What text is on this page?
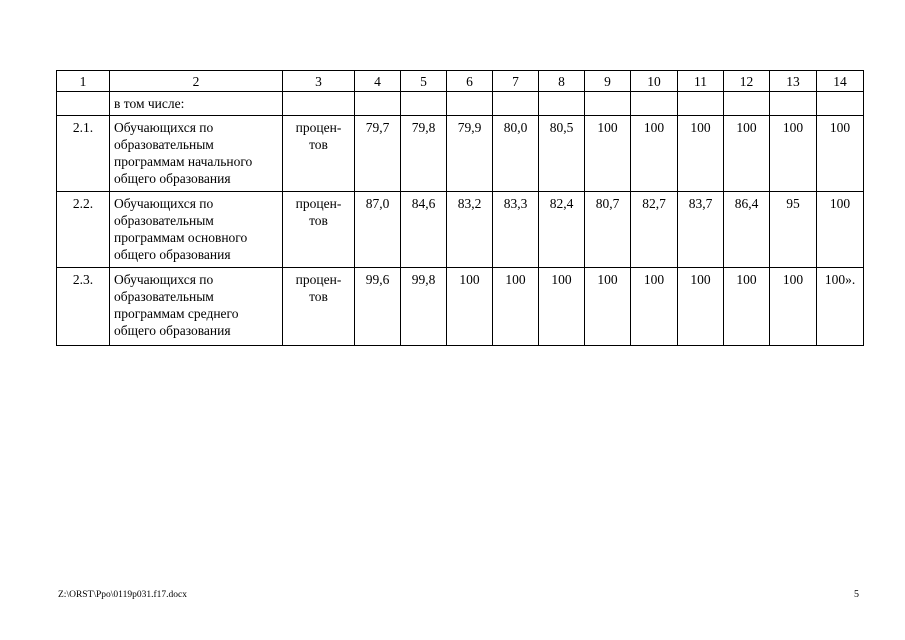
1	2	3	4	5	6	7	8	9	10	11	12	13	14
	в том числе:												
2.1.	Обучающихся по образовательным программам начального общего образования	процен-тов	79,7	79,8	79,9	80,0	80,5	100	100	100	100	100	100
2.2.	Обучающихся по образовательным программам основного общего образования	процен-тов	87,0	84,6	83,2	83,3	82,4	80,7	82,7	83,7	86,4	95	100
2.3.	Обучающихся по образовательным программам среднего общего образования	процен-тов	99,6	99,8	100	100	100	100	100	100	100	100	100».
Z:\ORST\Ppo\0119p031.f17.docx	5
